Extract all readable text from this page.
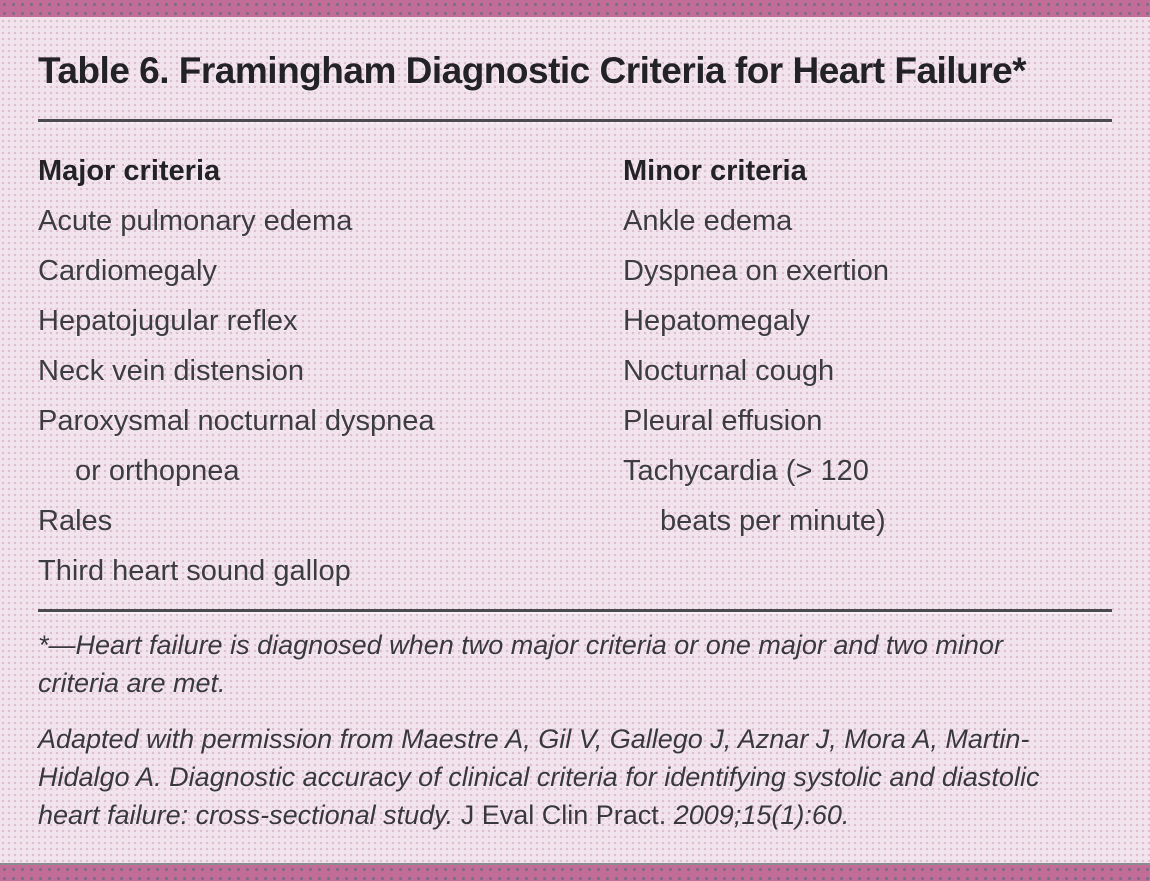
Table 6. Framingham Diagnostic Criteria for Heart Failure*
Major criteria
Acute pulmonary edema
Cardiomegaly
Hepatojugular reflex
Neck vein distension
Paroxysmal nocturnal dyspnea
or orthopnea
Rales
Third heart sound gallop
Minor criteria
Ankle edema
Dyspnea on exertion
Hepatomegaly
Nocturnal cough
Pleural effusion
Tachycardia (> 120
beats per minute)
*—Heart failure is diagnosed when two major criteria or one major and two minor
criteria are met.
Adapted with permission from Maestre A, Gil V, Gallego J, Aznar J, Mora A, Martin-
Hidalgo A. Diagnostic accuracy of clinical criteria for identifying systolic and diastolic
heart failure: cross-sectional study. J Eval Clin Pract. 2009;15(1):60.
